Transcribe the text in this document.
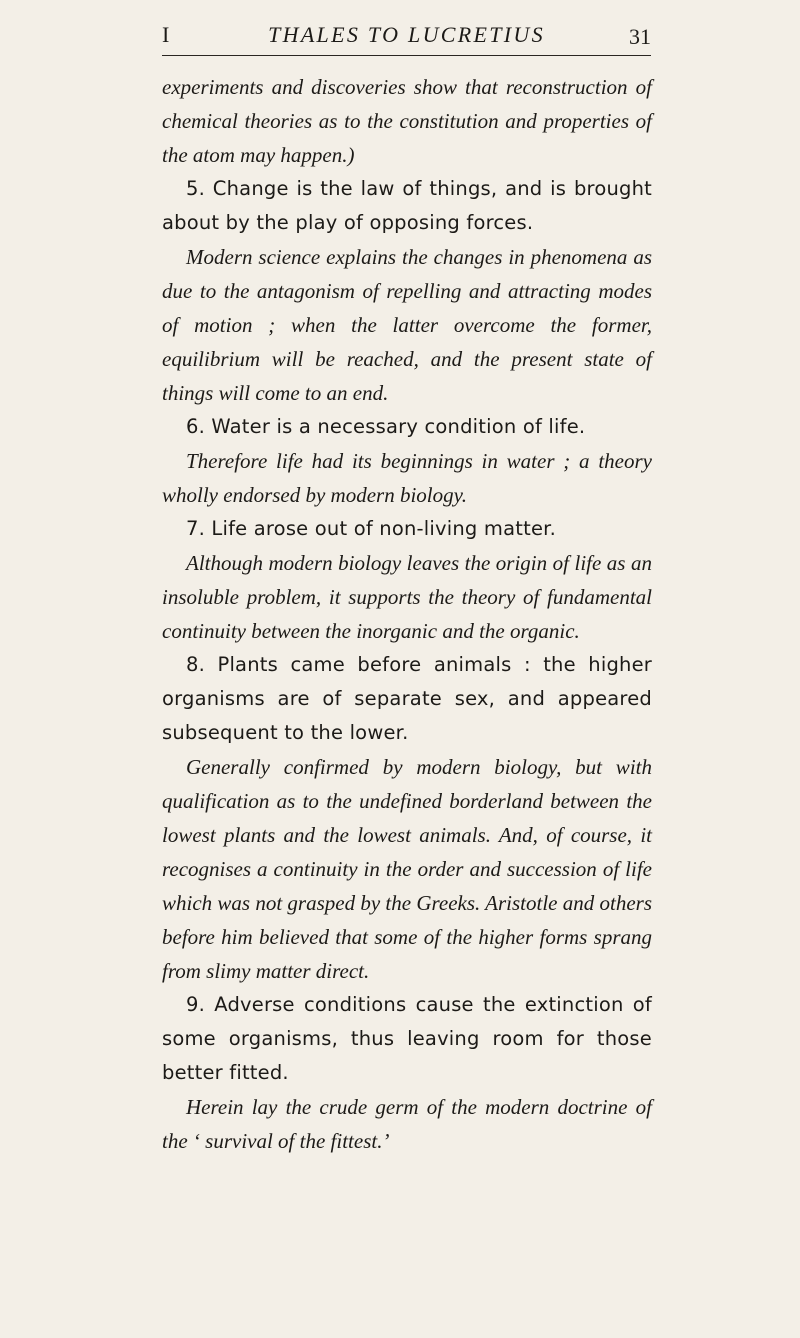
I	THALES TO LUCRETIUS	31

experiments and discoveries show that reconstruction of chemical theories as to the constitution and properties of the atom may happen.)

5. Change is the law of things, and is brought about by the play of opposing forces.

Modern science explains the changes in phenomena as due to the antagonism of repelling and attracting modes of motion ; when the latter overcome the former, equilibrium will be reached, and the present state of things will come to an end.

6. Water is a necessary condition of life.

Therefore life had its beginnings in water ; a theory wholly endorsed by modern biology.

7. Life arose out of non-living matter.

Although modern biology leaves the origin of life as an insoluble problem, it supports the theory of fundamental continuity between the inorganic and the organic.

8. Plants came before animals : the higher organisms are of separate sex, and appeared subsequent to the lower.

Generally confirmed by modern biology, but with qualification as to the undefined borderland between the lowest plants and the lowest animals. And, of course, it recognises a continuity in the order and succession of life which was not grasped by the Greeks. Aristotle and others before him believed that some of the higher forms sprang from slimy matter direct.

9. Adverse conditions cause the extinction of some organisms, thus leaving room for those better fitted.

Herein lay the crude germ of the modern doctrine of the ‘ survival of the fittest.’
